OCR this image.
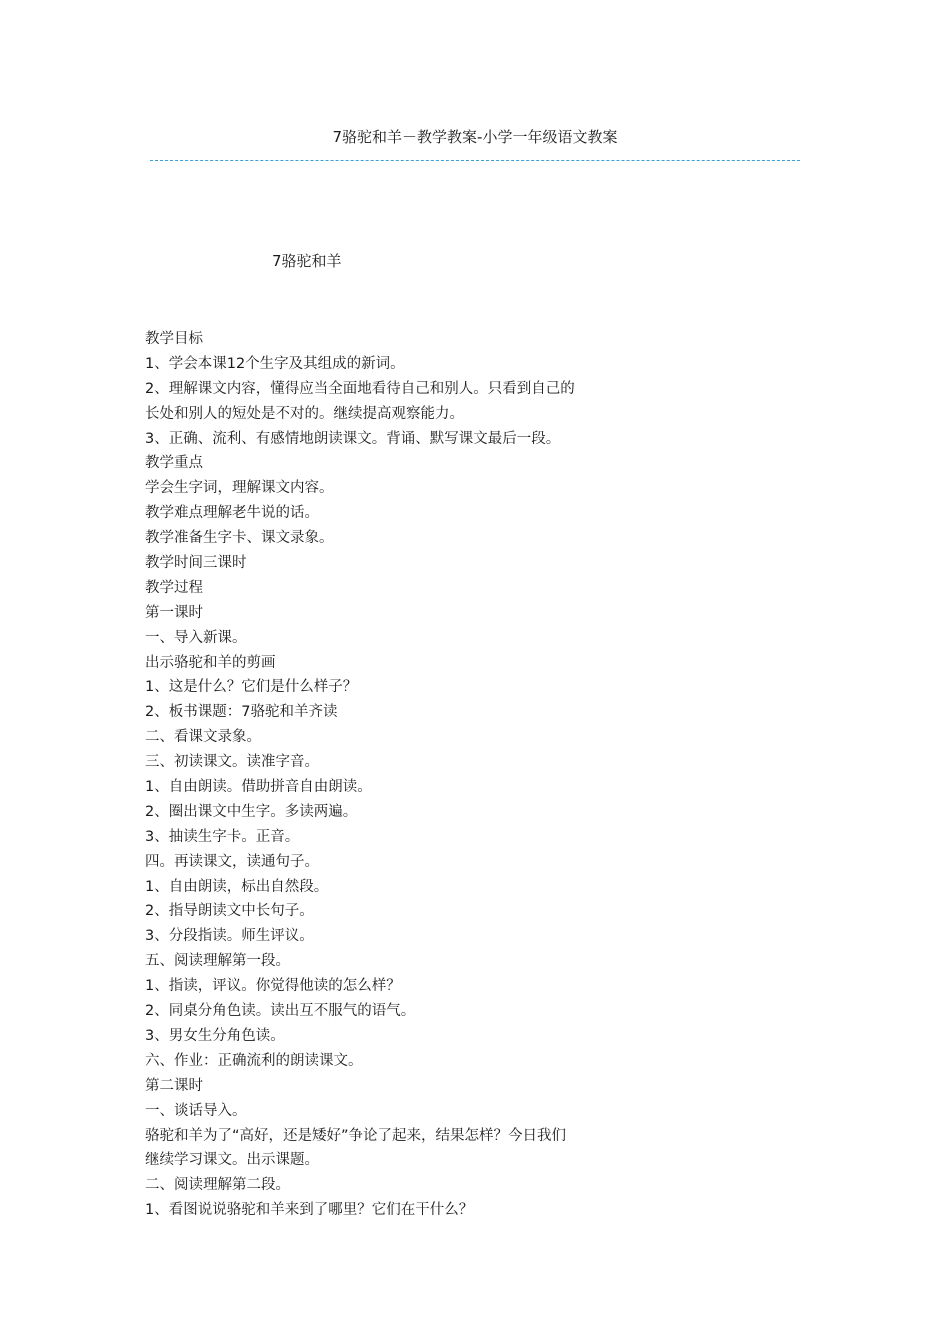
7骆驼和羊－教学教案-小学一年级语文教案
7骆驼和羊
教学目标
1、学会本课12个生字及其组成的新词。
2、理解课文内容，懂得应当全面地看待自己和别人。只看到自己的
长处和别人的短处是不对的。继续提高观察能力。
3、正确、流利、有感情地朗读课文。背诵、默写课文最后一段。
教学重点
学会生字词，理解课文内容。
教学难点理解老牛说的话。
教学准备生字卡、课文录象。
教学时间三课时
教学过程
第一课时
一、导入新课。
出示骆驼和羊的剪画
1、这是什么？它们是什么样子？
2、板书课题：7骆驼和羊齐读
二、看课文录象。
三、初读课文。读准字音。
1、自由朗读。借助拼音自由朗读。
2、圈出课文中生字。多读两遍。
3、抽读生字卡。正音。
四。再读课文，读通句子。
1、自由朗读，标出自然段。
2、指导朗读文中长句子。
3、分段指读。师生评议。
五、阅读理解第一段。
1、指读，评议。你觉得他读的怎么样？
2、同桌分角色读。读出互不服气的语气。
3、男女生分角色读。
六、作业：正确流利的朗读课文。
第二课时
一、谈话导入。
骆驼和羊为了“高好，还是矮好”争论了起来，结果怎样？今日我们
继续学习课文。出示课题。
二、阅读理解第二段。
1、看图说说骆驼和羊来到了哪里？它们在干什么？
